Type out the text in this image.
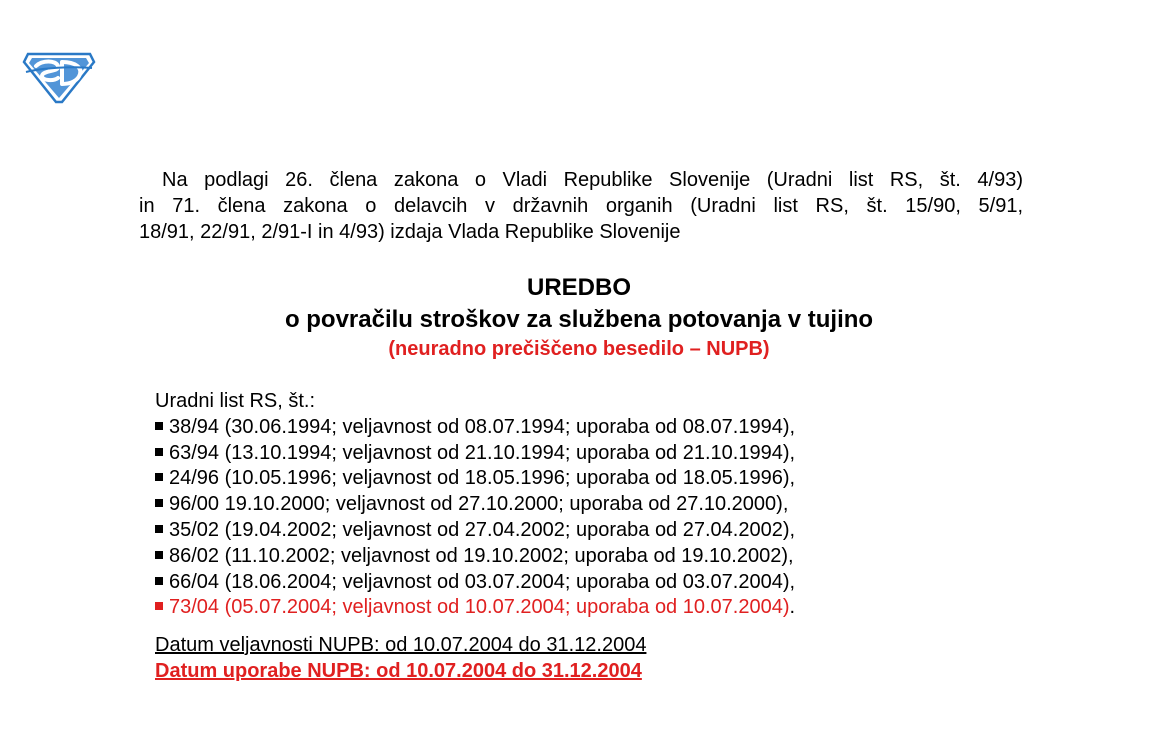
Na podlagi 26. člena zakona o Vladi Republike Slovenije (Uradni list RS, št. 4/93)
in 71. člena zakona o delavcih v državnih organih (Uradni list RS, št. 15/90, 5/91,
18/91, 22/91, 2/91-I in 4/93) izdaja Vlada Republike Slovenije

UREDBO

o povračilu stroškov za službena potovanja v tujino

(neuradno prečiščeno besedilo – NUPB)

Uradni list RS, št.:

38/94 (30.06.1994; veljavnost od 08.07.1994; uporaba od 08.07.1994),
63/94 (13.10.1994; veljavnost od 21.10.1994; uporaba od 21.10.1994),
24/96 (10.05.1996; veljavnost od 18.05.1996; uporaba od 18.05.1996),
96/00 19.10.2000; veljavnost od 27.10.2000; uporaba od 27.10.2000),
35/02 (19.04.2002; veljavnost od 27.04.2002; uporaba od 27.04.2002),
86/02 (11.10.2002; veljavnost od 19.10.2002; uporaba od 19.10.2002),
66/04 (18.06.2004; veljavnost od 03.07.2004; uporaba od 03.07.2004),
73/04 (05.07.2004; veljavnost od 10.07.2004; uporaba od 10.07.2004).
Datum veljavnosti NUPB: od 10.07.2004 do 31.12.2004
Datum uporabe NUPB: od 10.07.2004 do 31.12.2004
